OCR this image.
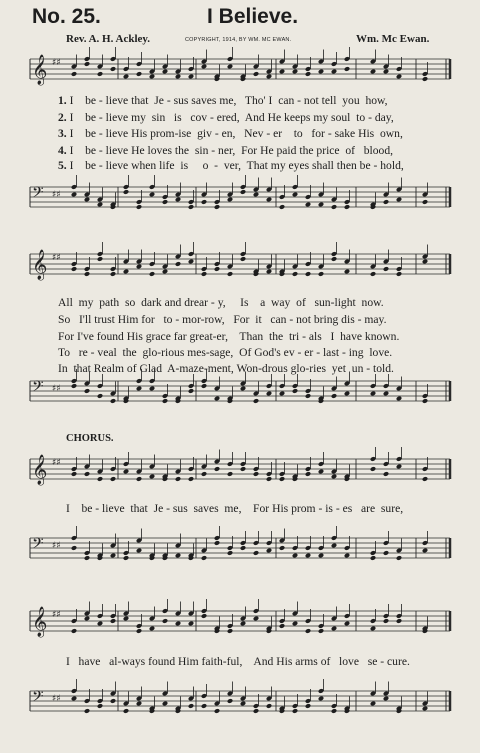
No. 25.	I Believe.
Rev. A. H. Ackley.	COPYRIGHT, 1914, BY WM. MC EWAN.	Wm. Mc Ewan.
𝄞 ♯♯
𝄢 ♯♯
𝄞 ♯♯
𝄢 ♯♯
𝄞 ♯♯
𝄢 ♯♯
𝄞 ♯♯
𝄢 ♯♯
1. I    be - lieve that  Je - sus saves me,   Tho' I  can - not tell  you  how,
2. I    be - lieve my  sin   is   cov - ered,  And He keeps my soul  to - day,
3. I    be - lieve His prom-ise  giv - en,   Nev - er    to   for - sake His  own,
4. I    be - lieve He loves the  sin - ner,  For He paid the price  of   blood,
5. I    be - lieve when life  is     o  -  ver,  That my eyes shall then be - hold,
All  my  path  so  dark and drear - y,     Is    a  way  of   sun-light  now.
So   I'll trust Him for   to - mor-row,   For  it   can - not bring dis - may.
For I've found His grace far great-er,    Than  the  tri - als   I  have known.
To   re - veal  the  glo-rious mes-sage,  Of God's ev - er - last - ing  love.
In  that Realm of Glad  A-maze-ment, Won-drous glo-ries  yet  un - told.
CHORUS.
I    be - lieve  that  Je - sus  saves  me,    For His prom - is - es   are  sure,
I   have   al-ways found Him faith-ful,    And His arms of   love   se - cure.
